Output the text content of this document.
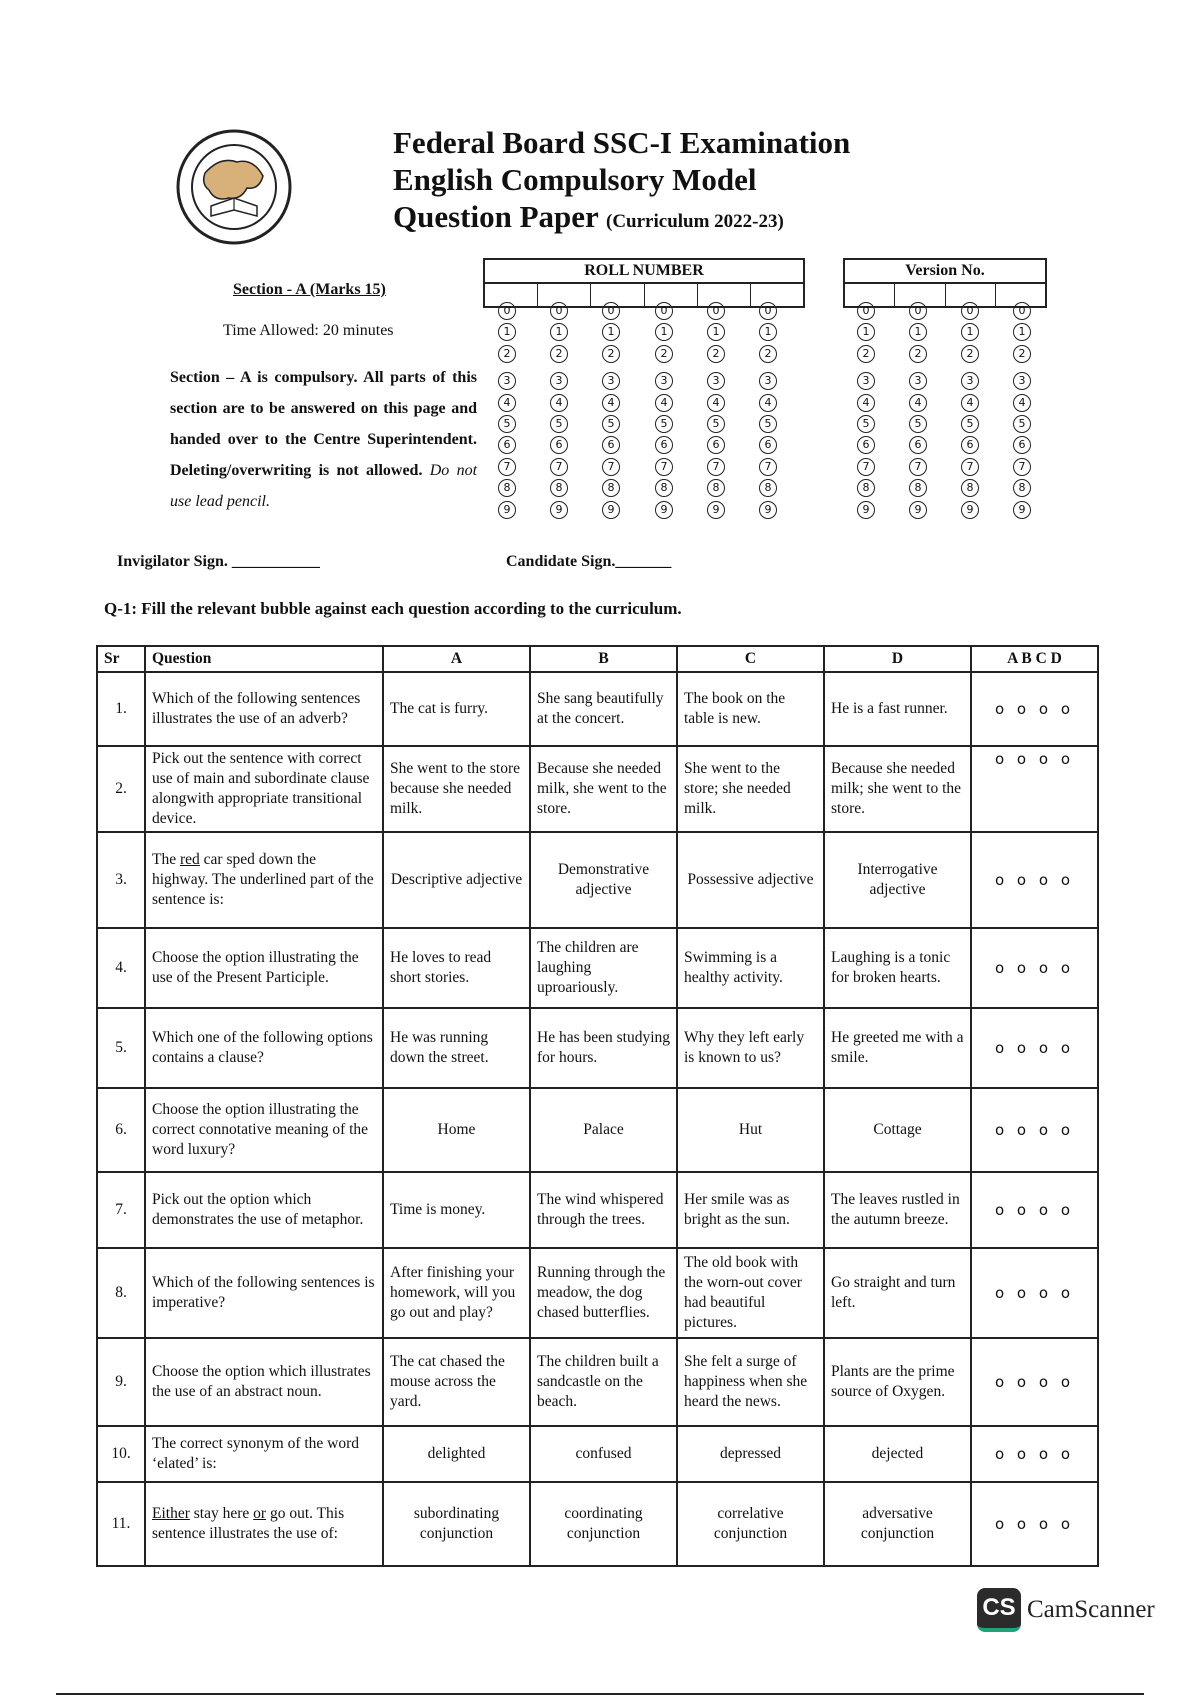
Federal Board SSC-I Examination
English Compulsory Model
Question Paper (Curriculum 2022-23)
Section - A (Marks 15)
Time Allowed: 20 minutes
Section – A is compulsory. All parts of this section are to be answered on this page and handed over to the Centre Superintendent. Deleting/overwriting is not allowed. Do not use lead pencil.
ROLL NUMBER	Version No.
0
1
2
3
4
5
6
7
8
9
0
1
2
3
4
5
6
7
8
9
0
1
2
3
4
5
6
7
8
9
0
1
2
3
4
5
6
7
8
9
0
1
2
3
4
5
6
7
8
9
0
1
2
3
4
5
6
7
8
9
0
1
2
3
4
5
6
7
8
9
0
1
2
3
4
5
6
7
8
9
0
1
2
3
4
5
6
7
8
9
0
1
2
3
4
5
6
7
8
9
Invigilator Sign. ___________	Candidate Sign._______
Q-1: Fill the relevant bubble against each question according to the curriculum.
Sr	Question	A	B	C	D	A B C D
1.	Which of the following sentences illustrates the use of an adverb?	The cat is furry.	She sang beautifully at the concert.	The book on the table is new.	He is a fast runner.	o o o o
2.	Pick out the sentence with correct use of main and subordinate clause alongwith appropriate transitional device.	She went to the store because she needed milk.	Because she needed milk, she went to the store.	She went to the store; she needed milk.	Because she needed milk; she went to the store.	o o o o
3.	The red car sped down the highway. The underlined part of the sentence is:	Descriptive adjective	Demonstrative adjective	Possessive adjective	Interrogative adjective	o o o o
4.	Choose the option illustrating the use of the Present Participle.	He loves to read short stories.	The children are laughing uproariously.	Swimming is a healthy activity.	Laughing is a tonic for broken hearts.	o o o o
5.	Which one of the following options contains a clause?	He was running down the street.	He has been studying for hours.	Why they left early is known to us?	He greeted me with a smile.	o o o o
6.	Choose the option illustrating the correct connotative meaning of the word luxury?	Home	Palace	Hut	Cottage	o o o o
7.	Pick out the option which demonstrates the use of metaphor.	Time is money.	The wind whispered through the trees.	Her smile was as bright as the sun.	The leaves rustled in the autumn breeze.	o o o o
8.	Which of the following sentences is imperative?	After finishing your homework, will you go out and play?	Running through the meadow, the dog chased butterflies.	The old book with the worn-out cover had beautiful pictures.	Go straight and turn left.	o o o o
9.	Choose the option which illustrates the use of an abstract noun.	The cat chased the mouse across the yard.	The children built a sandcastle on the beach.	She felt a surge of happiness when she heard the news.	Plants are the prime source of Oxygen.	o o o o
10.	The correct synonym of the word ‘elated’ is:	delighted	confused	depressed	dejected	o o o o
11.	Either stay here or go out. This sentence illustrates the use of:	subordinating conjunction	coordinating conjunction	correlative conjunction	adversative conjunction	o o o o
CS CamScanner
